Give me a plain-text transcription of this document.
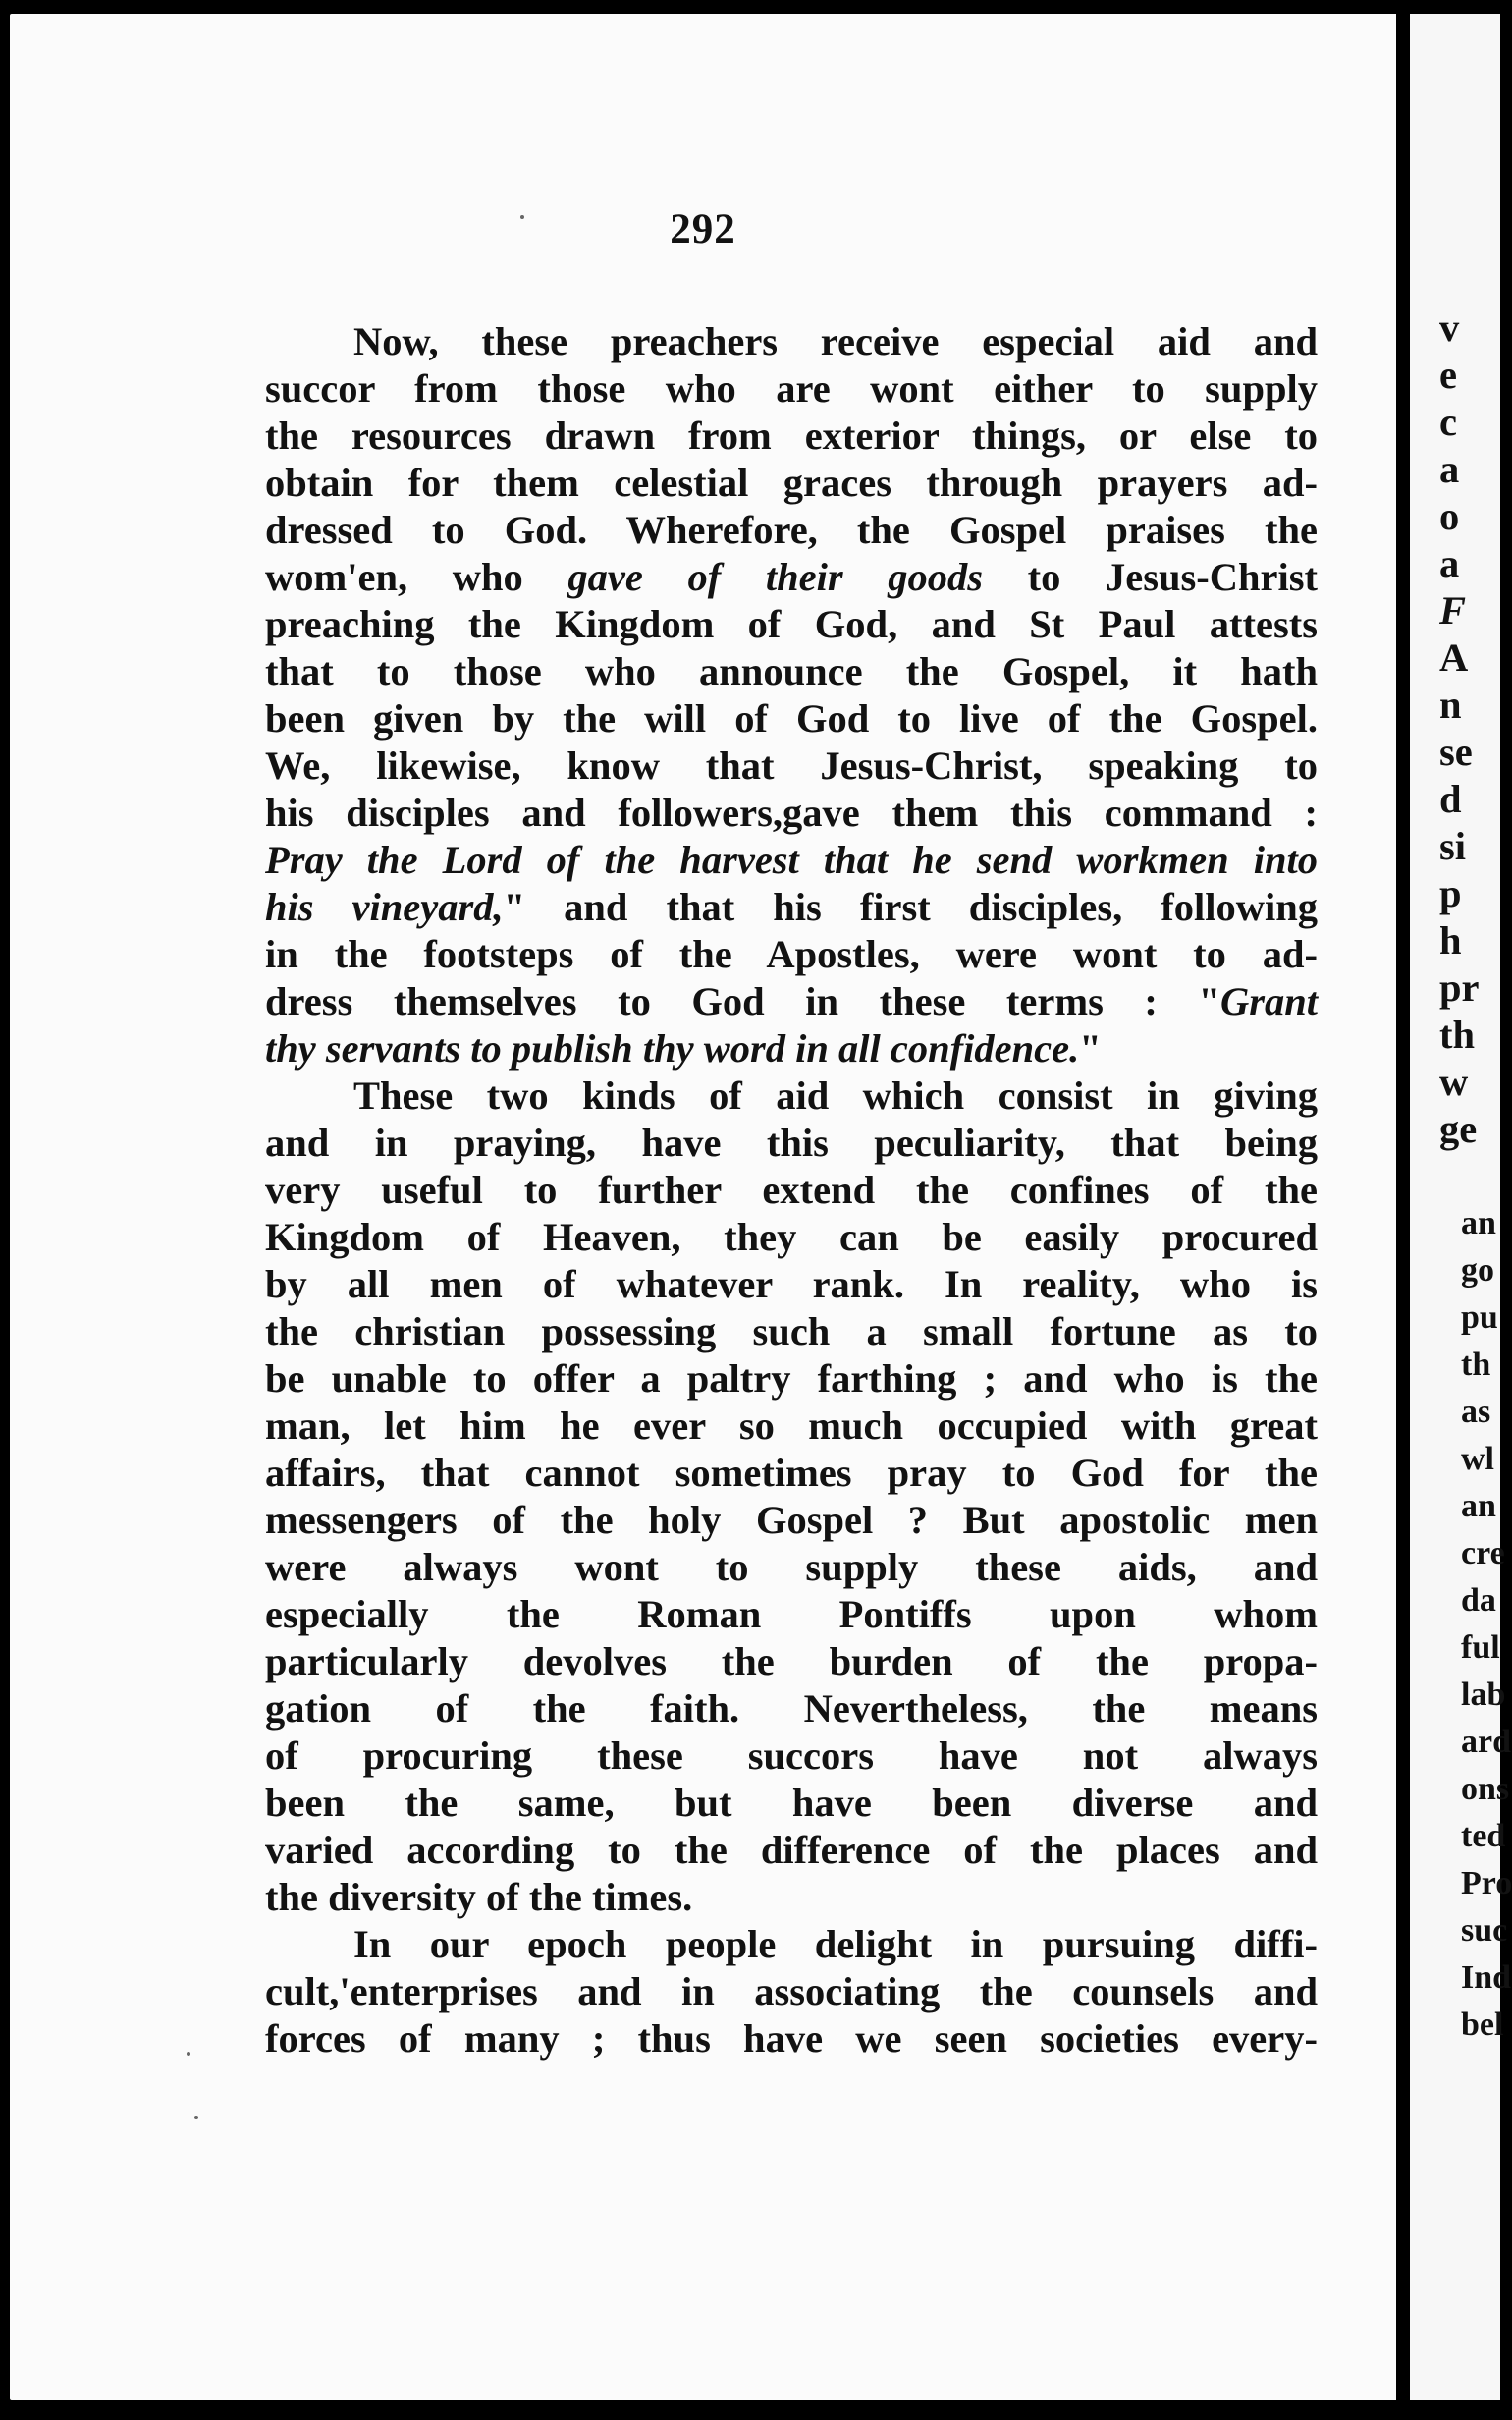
292
Now, these preachers receive especial aid and
succor from those who are wont either to supply
the resources drawn from exterior things, or else to
obtain for them celestial graces through prayers ad-
dressed to God. Wherefore, the Gospel praises the
wom'en, who gave of their goods to Jesus-Christ
preaching the Kingdom of God, and St Paul attests
that to those who announce the Gospel, it hath
been given by the will of God to live of the Gospel.
We, likewise, know that Jesus-Christ, speaking to
his disciples and followers,gave them this command :
Pray the Lord of the harvest that he send workmen into
his vineyard," and that his first disciples, following
in the footsteps of the Apostles, were wont to ad-
dress themselves to God in these terms : "Grant
thy servants to publish thy word in all confidence."
These two kinds of aid which consist in giving
and in praying, have this peculiarity, that being
very useful to further extend the confines of the
Kingdom of Heaven, they can be easily procured
by all men of whatever rank. In reality, who is
the christian possessing such a small fortune as to
be unable to offer a paltry farthing ; and who is the
man, let him he ever so much occupied with great
affairs, that cannot sometimes pray to God for the
messengers of the holy Gospel ? But apostolic men
were always wont to supply these aids, and
especially the Roman Pontiffs upon whom
particularly devolves the burden of the propa-
gation of the faith. Nevertheless, the means
of procuring these succors have not always
been the same, but have been diverse and
varied according to the difference of the places and
the diversity of the times.
In our epoch people delight in pursuing diffi-
cult,'enterprises and in associating the counsels and
forces of many ; thus have we seen societies every-
v
e
c
a
o
a
F
A
n
se
d
si
p
h
pr
th
w
ge
an
go
pu
th
as
wl
an
cre
da
ful
lab
ard
ons
ted
Pro
suc
Ind
bel
